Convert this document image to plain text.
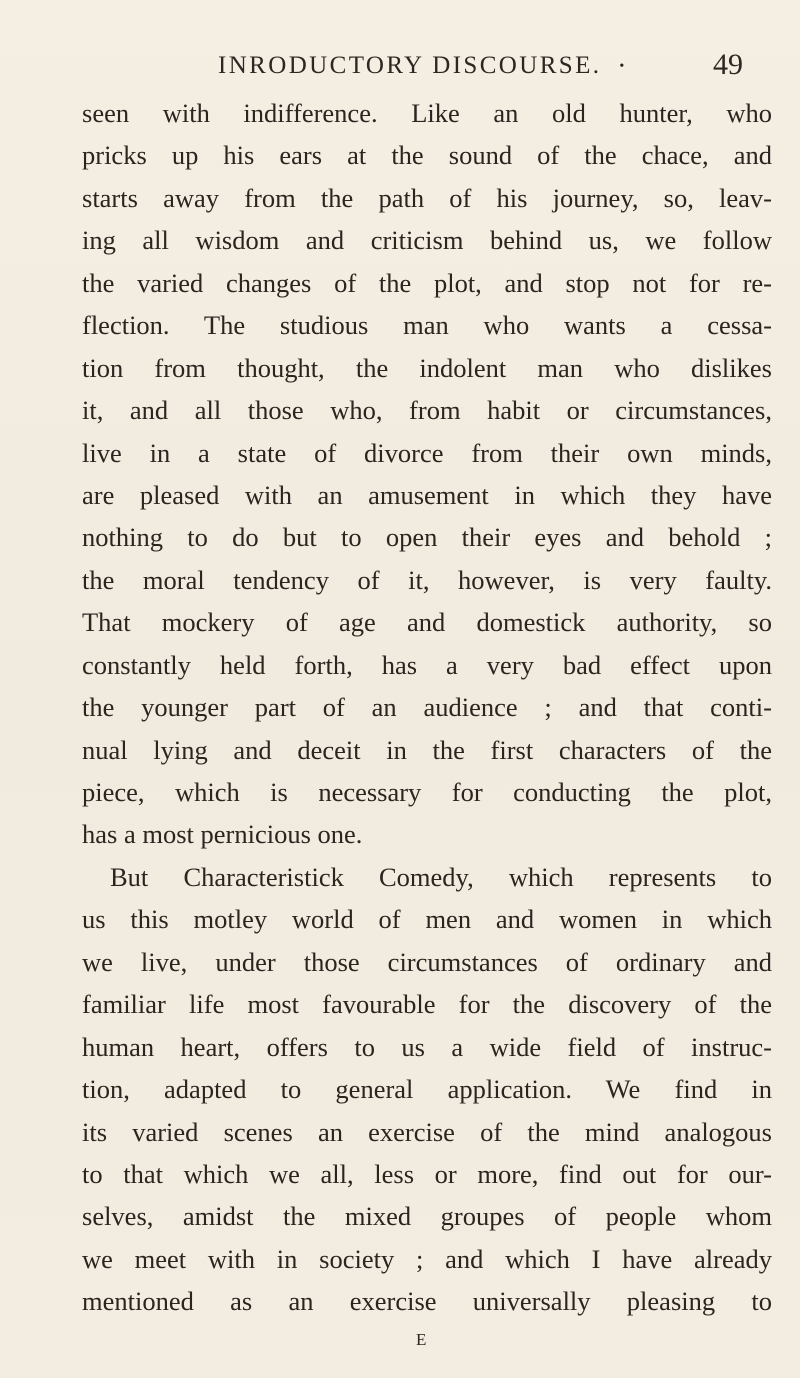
INRODUCTORY DISCOURSE. •	49
seen with indifference. Like an old hunter, who
pricks up his ears at the sound of the chace, and
starts away from the path of his journey, so, leav-
ing all wisdom and criticism behind us, we follow
the varied changes of the plot, and stop not for re-
flection. The studious man who wants a cessa-
tion from thought, the indolent man who dislikes
it, and all those who, from habit or circumstances,
live in a state of divorce from their own minds,
are pleased with an amusement in which they have
nothing to do but to open their eyes and behold ;
the moral tendency of it, however, is very faulty.
That mockery of age and domestick authority, so
constantly held forth, has a very bad effect upon
the younger part of an audience ; and that conti-
nual lying and deceit in the first characters of the
piece, which is necessary for conducting the plot,
has a most pernicious one.
But Characteristick Comedy, which represents to
us this motley world of men and women in which
we live, under those circumstances of ordinary and
familiar life most favourable for the discovery of the
human heart, offers to us a wide field of instruc-
tion, adapted to general application. We find in
its varied scenes an exercise of the mind analogous
to that which we all, less or more, find out for our-
selves, amidst the mixed groupes of people whom
we meet with in society ; and which I have already
mentioned as an exercise universally pleasing to
E
